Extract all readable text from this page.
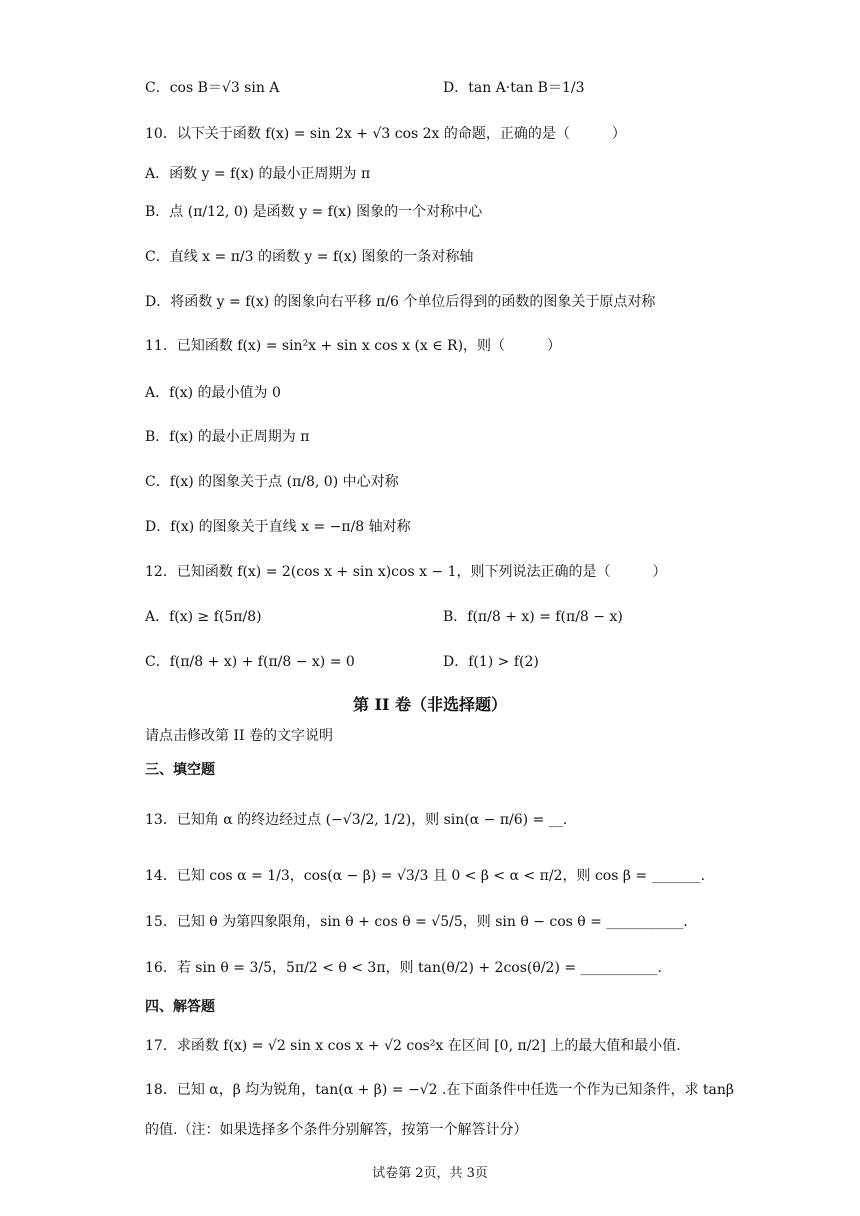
C．cos B＝√3 sin A	D．tan A·tan B＝1/3
10．以下关于函数 f(x) = sin 2x + √3 cos 2x 的命题，正确的是（　　　）
A．函数 y = f(x) 的最小正周期为 π
B．点 (π/12, 0) 是函数 y = f(x) 图象的一个对称中心
C．直线 x = π/3 的函数 y = f(x) 图象的一条对称轴
D．将函数 y = f(x) 的图象向右平移 π/6 个单位后得到的函数的图象关于原点对称
11．已知函数 f(x) = sin²x + sin x cos x (x ∈ R)，则（　　　）
A．f(x) 的最小值为 0
B．f(x) 的最小正周期为 π
C．f(x) 的图象关于点 (π/8, 0) 中心对称
D．f(x) 的图象关于直线 x = −π/8 轴对称
12．已知函数 f(x) = 2(cos x + sin x)cos x − 1，则下列说法正确的是（　　　）
A．f(x) ≥ f(5π/8)	B．f(π/8 + x) = f(π/8 − x)
C．f(π/8 + x) + f(π/8 − x) = 0	D．f(1) > f(2)
第 II 卷（非选择题）
请点击修改第 II 卷的文字说明
三、填空题
13．已知角 α 的终边经过点 (−√3/2, 1/2)，则 sin(α − π/6) = __.
14．已知 cos α = 1/3，cos(α − β) = √3/3 且 0 < β < α < π/2，则 cos β = _______.
15．已知 θ 为第四象限角，sin θ + cos θ = √5/5，则 sin θ − cos θ = ___________.
16．若 sin θ = 3/5，5π/2 < θ < 3π，则 tan(θ/2) + 2cos(θ/2) = ___________.
四、解答题
17．求函数 f(x) = √2 sin x cos x + √2 cos²x 在区间 [0, π/2] 上的最大值和最小值.
18．已知 α，β 均为锐角，tan(α + β) = −√2 .在下面条件中任选一个作为已知条件，求 tanβ
的值.（注：如果选择多个条件分别解答，按第一个解答计分）
试卷第 2页，共 3页
